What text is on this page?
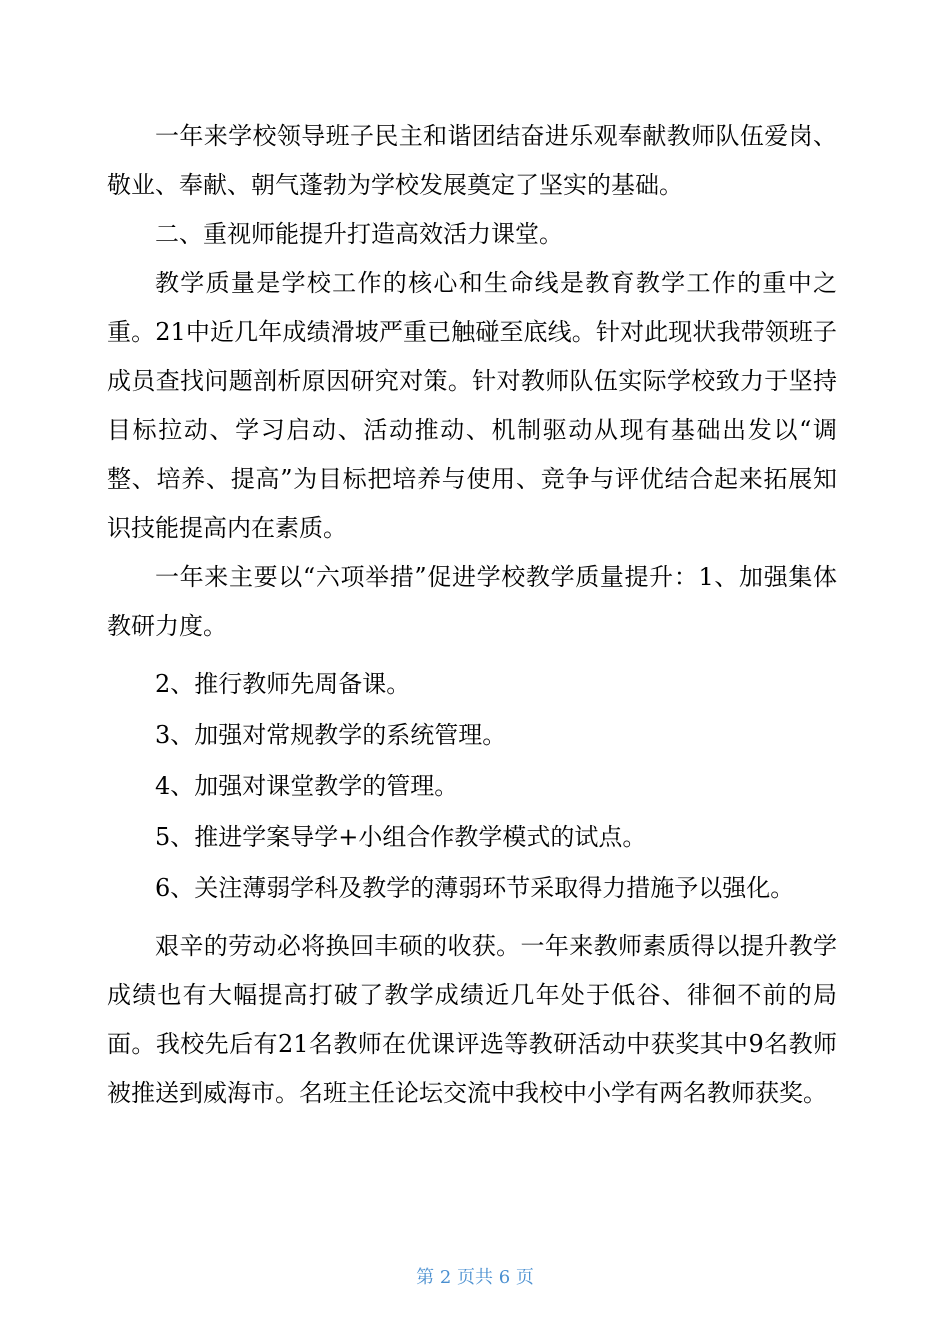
一年来学校领导班子民主和谐团结奋进乐观奉献教师队伍爱岗、敬业、奉献、朝气蓬勃为学校发展奠定了坚实的基础。

二、重视师能提升打造高效活力课堂。

教学质量是学校工作的核心和生命线是教育教学工作的重中之重。21中近几年成绩滑坡严重已触碰至底线。针对此现状我带领班子成员查找问题剖析原因研究对策。针对教师队伍实际学校致力于坚持目标拉动、学习启动、活动推动、机制驱动从现有基础出发以“调整、培养、提高”为目标把培养与使用、竞争与评优结合起来拓展知识技能提高内在素质。

一年来主要以“六项举措”促进学校教学质量提升：1、加强集体教研力度。

2、推行教师先周备课。

3、加强对常规教学的系统管理。

4、加强对课堂教学的管理。

5、推进学案导学+小组合作教学模式的试点。

6、关注薄弱学科及教学的薄弱环节采取得力措施予以强化。

艰辛的劳动必将换回丰硕的收获。一年来教师素质得以提升教学成绩也有大幅提高打破了教学成绩近几年处于低谷、徘徊不前的局面。我校先后有21名教师在优课评选等教研活动中获奖其中9名教师被推送到威海市。名班主任论坛交流中我校中小学有两名教师获奖。

第 2 页共 6 页
